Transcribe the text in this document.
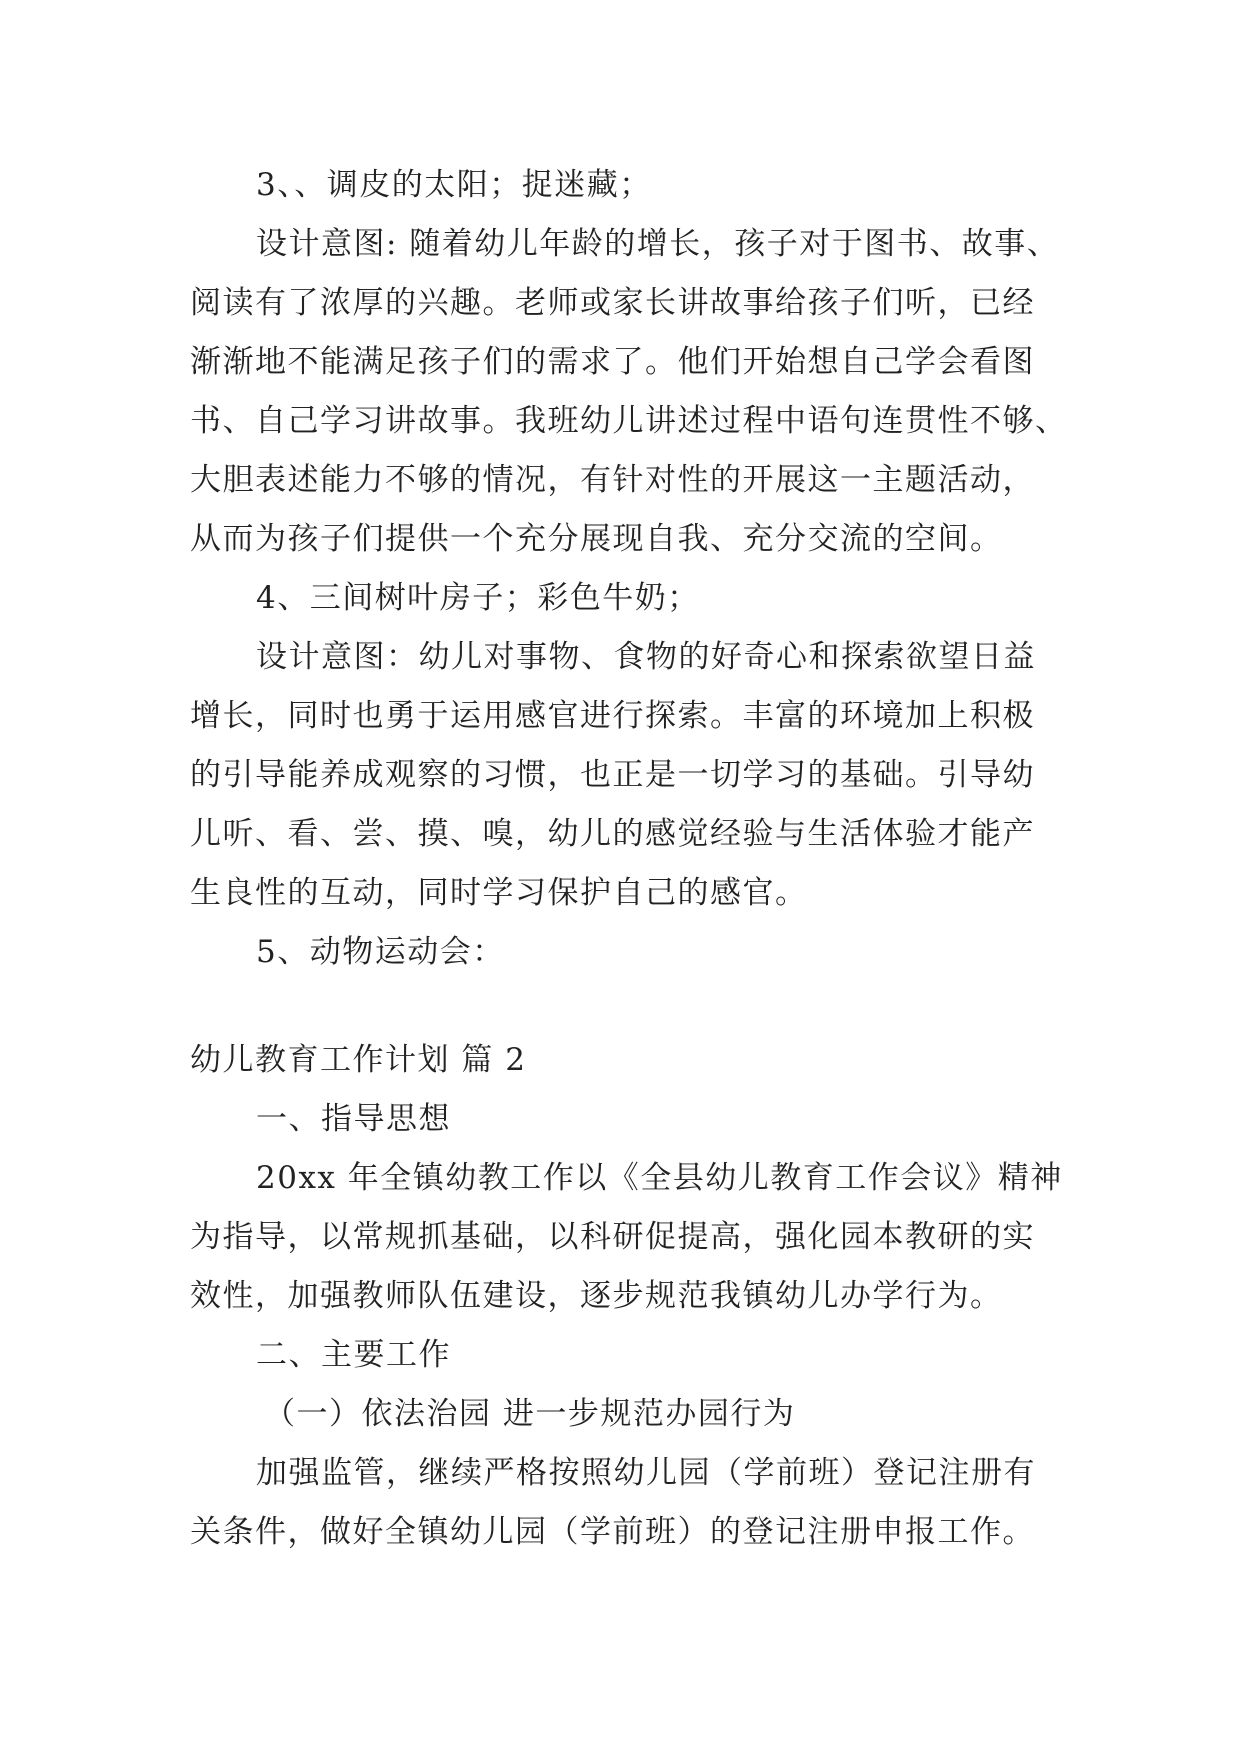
3、、调皮的太阳；捉迷藏；
设计意图: 随着幼儿年龄的增长，孩子对于图书、故事、
阅读有了浓厚的兴趣。老师或家长讲故事给孩子们听，已经
渐渐地不能满足孩子们的需求了。他们开始想自己学会看图
书、自己学习讲故事。我班幼儿讲述过程中语句连贯性不够、
大胆表述能力不够的情况，有针对性的开展这一主题活动，
从而为孩子们提供一个充分展现自我、充分交流的空间。
4、三间树叶房子；彩色牛奶；
设计意图：幼儿对事物、食物的好奇心和探索欲望日益
增长，同时也勇于运用感官进行探索。丰富的环境加上积极
的引导能养成观察的习惯，也正是一切学习的基础。引导幼
儿听、看、尝、摸、嗅，幼儿的感觉经验与生活体验才能产
生良性的互动，同时学习保护自己的感官。
5、动物运动会：
幼儿教育工作计划 篇 2
一、指导思想
20xx 年全镇幼教工作以《全县幼儿教育工作会议》精神
为指导，以常规抓基础，以科研促提高，强化园本教研的实
效性，加强教师队伍建设，逐步规范我镇幼儿办学行为。
二、主要工作
（一）依法治园 进一步规范办园行为
加强监管，继续严格按照幼儿园（学前班）登记注册有
关条件，做好全镇幼儿园（学前班）的登记注册申报工作。
